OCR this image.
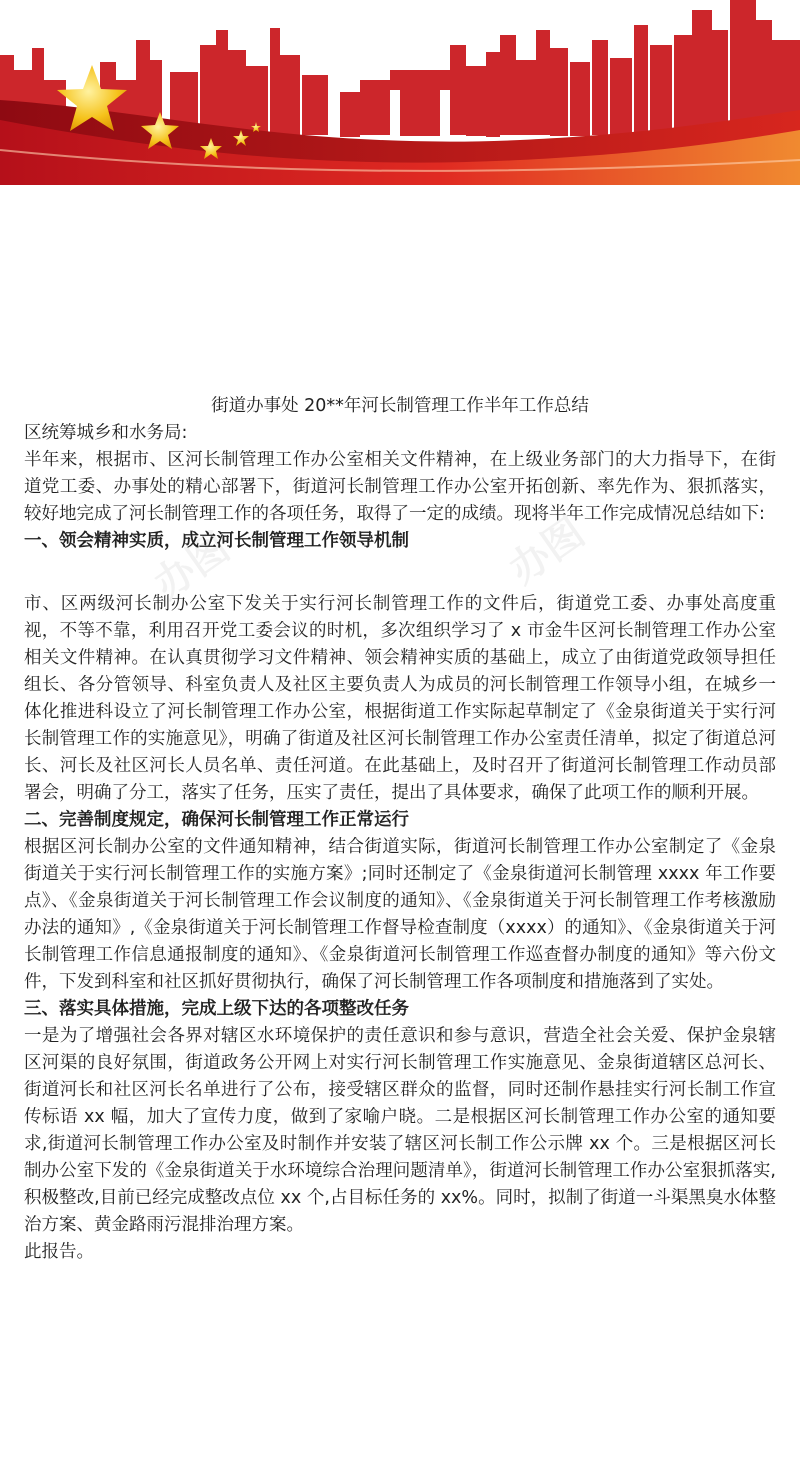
办图	办图

街道办事处 20**年河长制管理工作半年工作总结

区统筹城乡和水务局:

半年来，根据市、区河长制管理工作办公室相关文件精神，在上级业务部门的大力指导下，在街道党工委、办事处的精心部署下，街道河长制管理工作办公室开拓创新、率先作为、狠抓落实，较好地完成了河长制管理工作的各项任务，取得了一定的成绩。现将半年工作完成情况总结如下:

一、领会精神实质，成立河长制管理工作领导机制

市、区两级河长制办公室下发关于实行河长制管理工作的文件后，街道党工委、办事处高度重视，不等不靠，利用召开党工委会议的时机，多次组织学习了 x 市金牛区河长制管理工作办公室相关文件精神。在认真贯彻学习文件精神、领会精神实质的基础上，成立了由街道党政领导担任组长、各分管领导、科室负责人及社区主要负责人为成员的河长制管理工作领导小组，在城乡一体化推进科设立了河长制管理工作办公室，根据街道工作实际起草制定了《金泉街道关于实行河长制管理工作的实施意见》，明确了街道及社区河长制管理工作办公室责任清单，拟定了街道总河长、河长及社区河长人员名单、责任河道。在此基础上，及时召开了街道河长制管理工作动员部署会，明确了分工，落实了任务，压实了责任，提出了具体要求，确保了此项工作的顺利开展。

二、完善制度规定，确保河长制管理工作正常运行

根据区河长制办公室的文件通知精神，结合街道实际，街道河长制管理工作办公室制定了《金泉街道关于实行河长制管理工作的实施方案》;同时还制定了《金泉街道河长制管理 xxxx 年工作要点》、《金泉街道关于河长制管理工作会议制度的通知》、《金泉街道关于河长制管理工作考核激励办法的通知》,《金泉街道关于河长制管理工作督导检查制度（xxxx）的通知》、《金泉街道关于河长制管理工作信息通报制度的通知》、《金泉街道河长制管理工作巡查督办制度的通知》等六份文件，下发到科室和社区抓好贯彻执行，确保了河长制管理工作各项制度和措施落到了实处。

三、落实具体措施，完成上级下达的各项整改任务

一是为了增强社会各界对辖区水环境保护的责任意识和参与意识，营造全社会关爱、保护金泉辖区河渠的良好氛围，街道政务公开网上对实行河长制管理工作实施意见、金泉街道辖区总河长、街道河长和社区河长名单进行了公布，接受辖区群众的监督，同时还制作悬挂实行河长制工作宣传标语 xx 幅，加大了宣传力度，做到了家喻户晓。二是根据区河长制管理工作办公室的通知要求,街道河长制管理工作办公室及时制作并安装了辖区河长制工作公示牌 xx 个。三是根据区河长制办公室下发的《金泉街道关于水环境综合治理问题清单》，街道河长制管理工作办公室狠抓落实,积极整改,目前已经完成整改点位 xx 个,占目标任务的 xx%。同时，拟制了街道一斗渠黑臭水体整治方案、黄金路雨污混排治理方案。

此报告。
